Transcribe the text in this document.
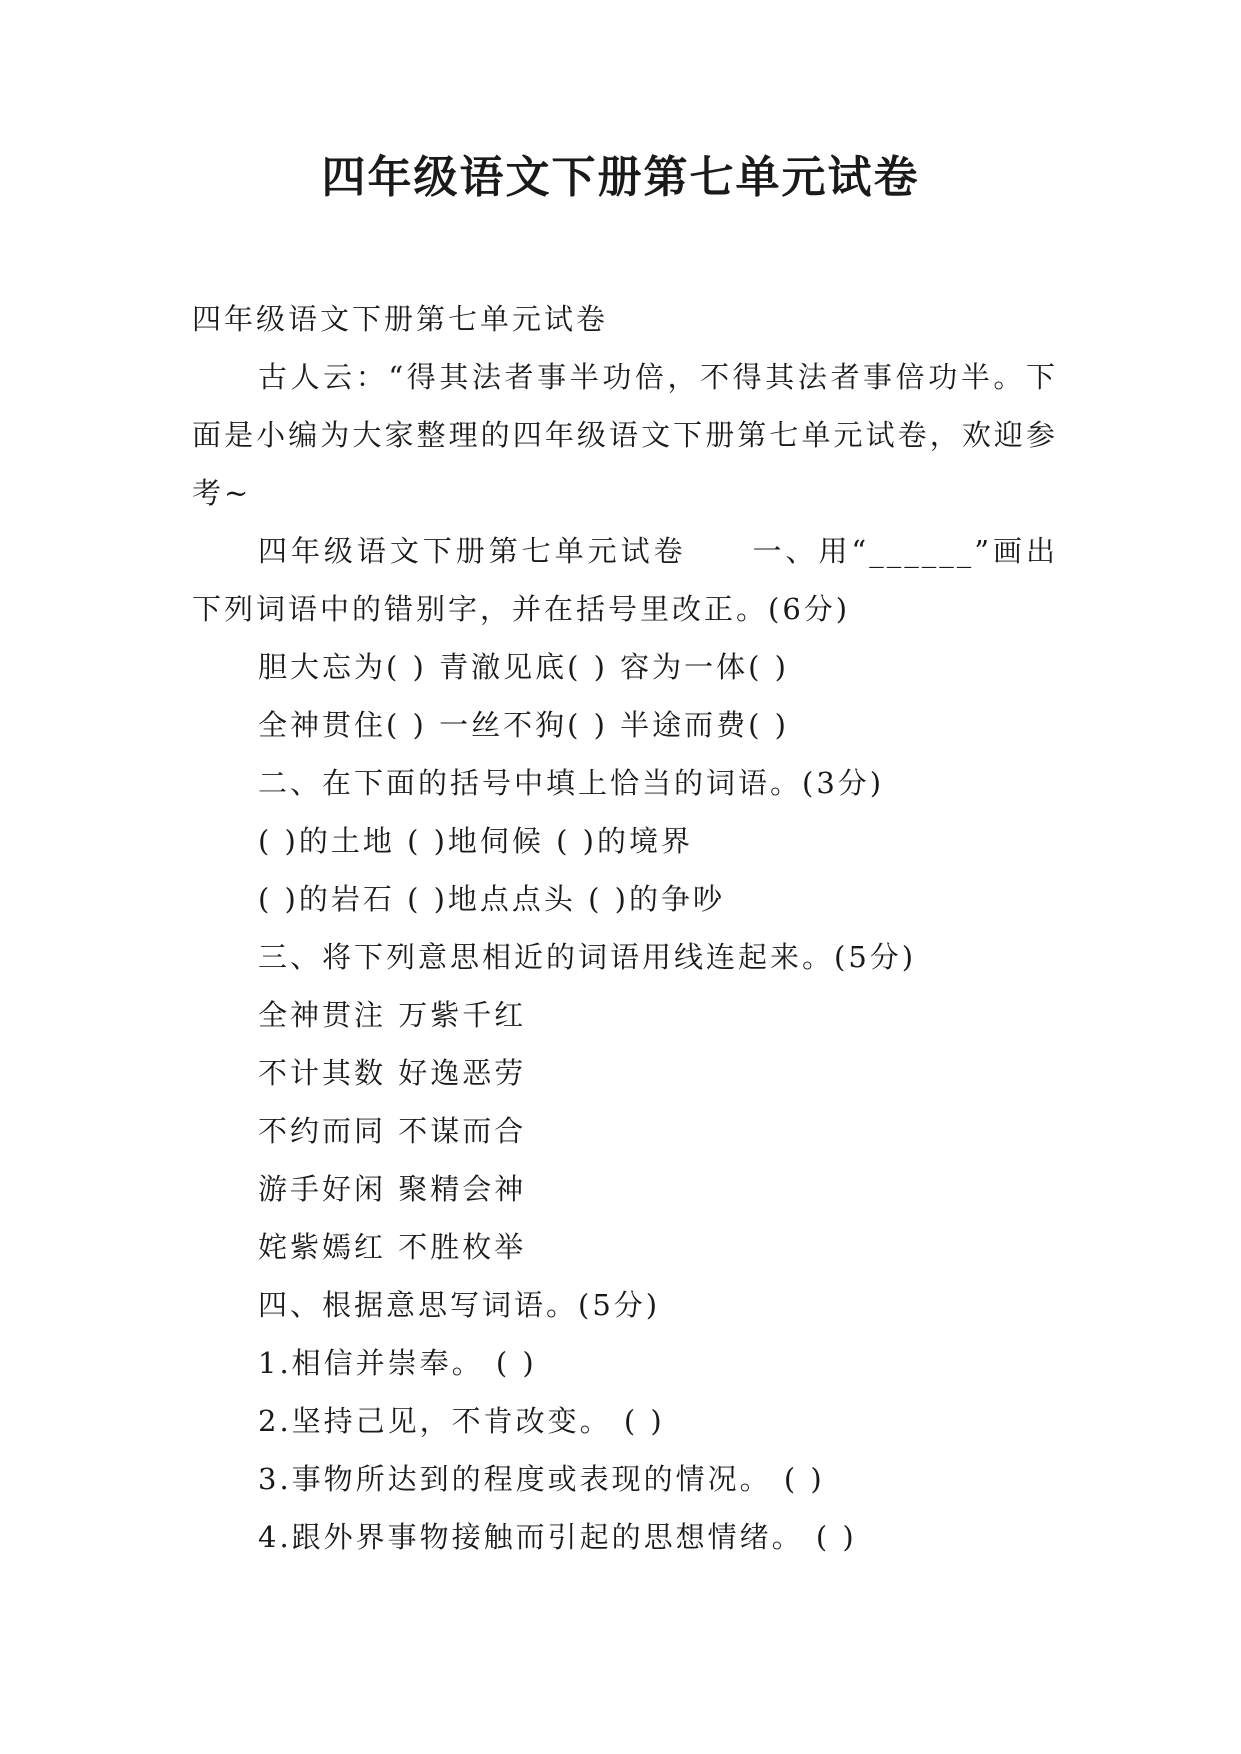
四年级语文下册第七单元试卷

四年级语文下册第七单元试卷

古人云：“得其法者事半功倍，不得其法者事倍功半。下面是小编为大家整理的四年级语文下册第七单元试卷，欢迎参考~

四年级语文下册第七单元试卷　　一、用“______”画出下列词语中的错别字，并在括号里改正。(6分)

胆大忘为( ) 青澈见底( ) 容为一体( )

全神贯住( ) 一丝不狗( ) 半途而费( )

二、在下面的括号中填上恰当的词语。(3分)

( )的土地 ( )地伺候 ( )的境界

( )的岩石 ( )地点点头 ( )的争吵

三、将下列意思相近的词语用线连起来。(5分)

全神贯注 万紫千红

不计其数 好逸恶劳

不约而同 不谋而合

游手好闲 聚精会神

姹紫嫣红 不胜枚举

四、根据意思写词语。(5分)

1.相信并崇奉。 ( )

2.坚持己见，不肯改变。 ( )

3.事物所达到的程度或表现的情况。 ( )

4.跟外界事物接触而引起的思想情绪。 ( )
